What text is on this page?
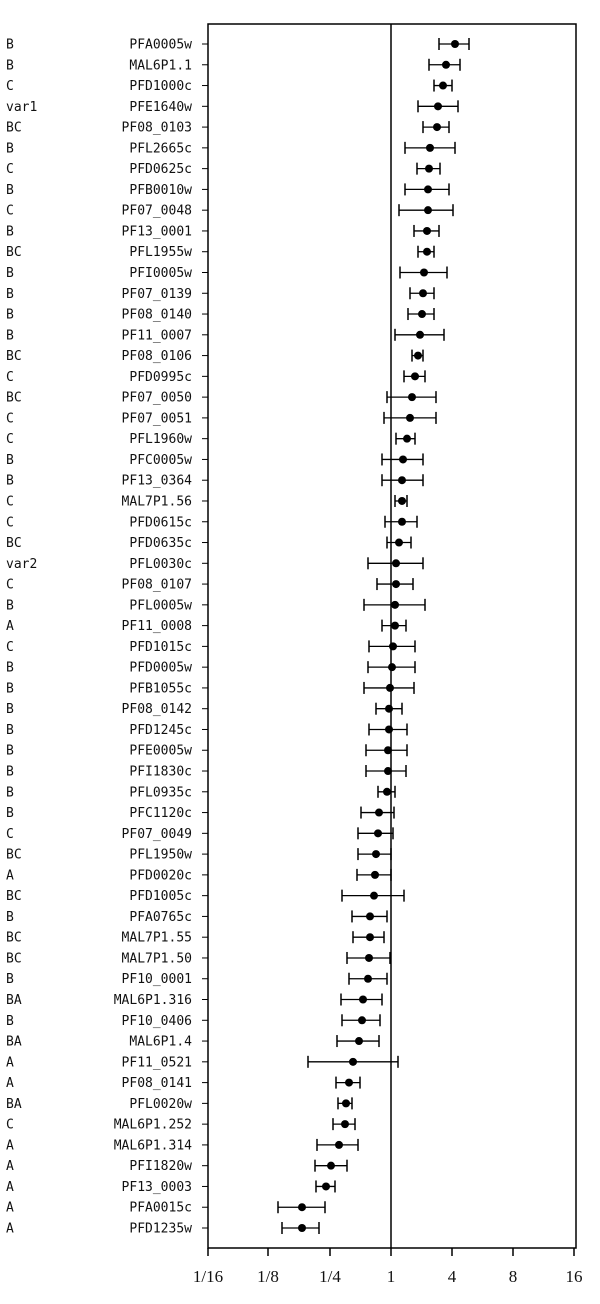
B	PFA0005w
B	MAL6P1.1
C	PFD1000c
var1	PFE1640w
BC	PF08_0103
B	PFL2665c
C	PFD0625c
B	PFB0010w
C	PF07_0048
B	PF13_0001
BC	PFL1955w
B	PFI0005w
B	PF07_0139
B	PF08_0140
B	PF11_0007
BC	PF08_0106
C	PFD0995c
BC	PF07_0050
C	PF07_0051
C	PFL1960w
B	PFC0005w
B	PF13_0364
C	MAL7P1.56
C	PFD0615c
BC	PFD0635c
var2	PFL0030c
C	PF08_0107
B	PFL0005w
A	PF11_0008
C	PFD1015c
B	PFD0005w
B	PFB1055c
B	PF08_0142
B	PFD1245c
B	PFE0005w
B	PFI1830c
B	PFL0935c
B	PFC1120c
C	PF07_0049
BC	PFL1950w
A	PFD0020c
BC	PFD1005c
B	PFA0765c
BC	MAL7P1.55
BC	MAL7P1.50
B	PF10_0001
BA	MAL6P1.316
B	PF10_0406
BA	MAL6P1.4
A	PF11_0521
A	PF08_0141
BA	PFL0020w
C	MAL6P1.252
A	MAL6P1.314
A	PFI1820w
A	PF13_0003
A	PFA0015c
A	PFD1235w
1/16 1/8 1/4	1	4	8	16
